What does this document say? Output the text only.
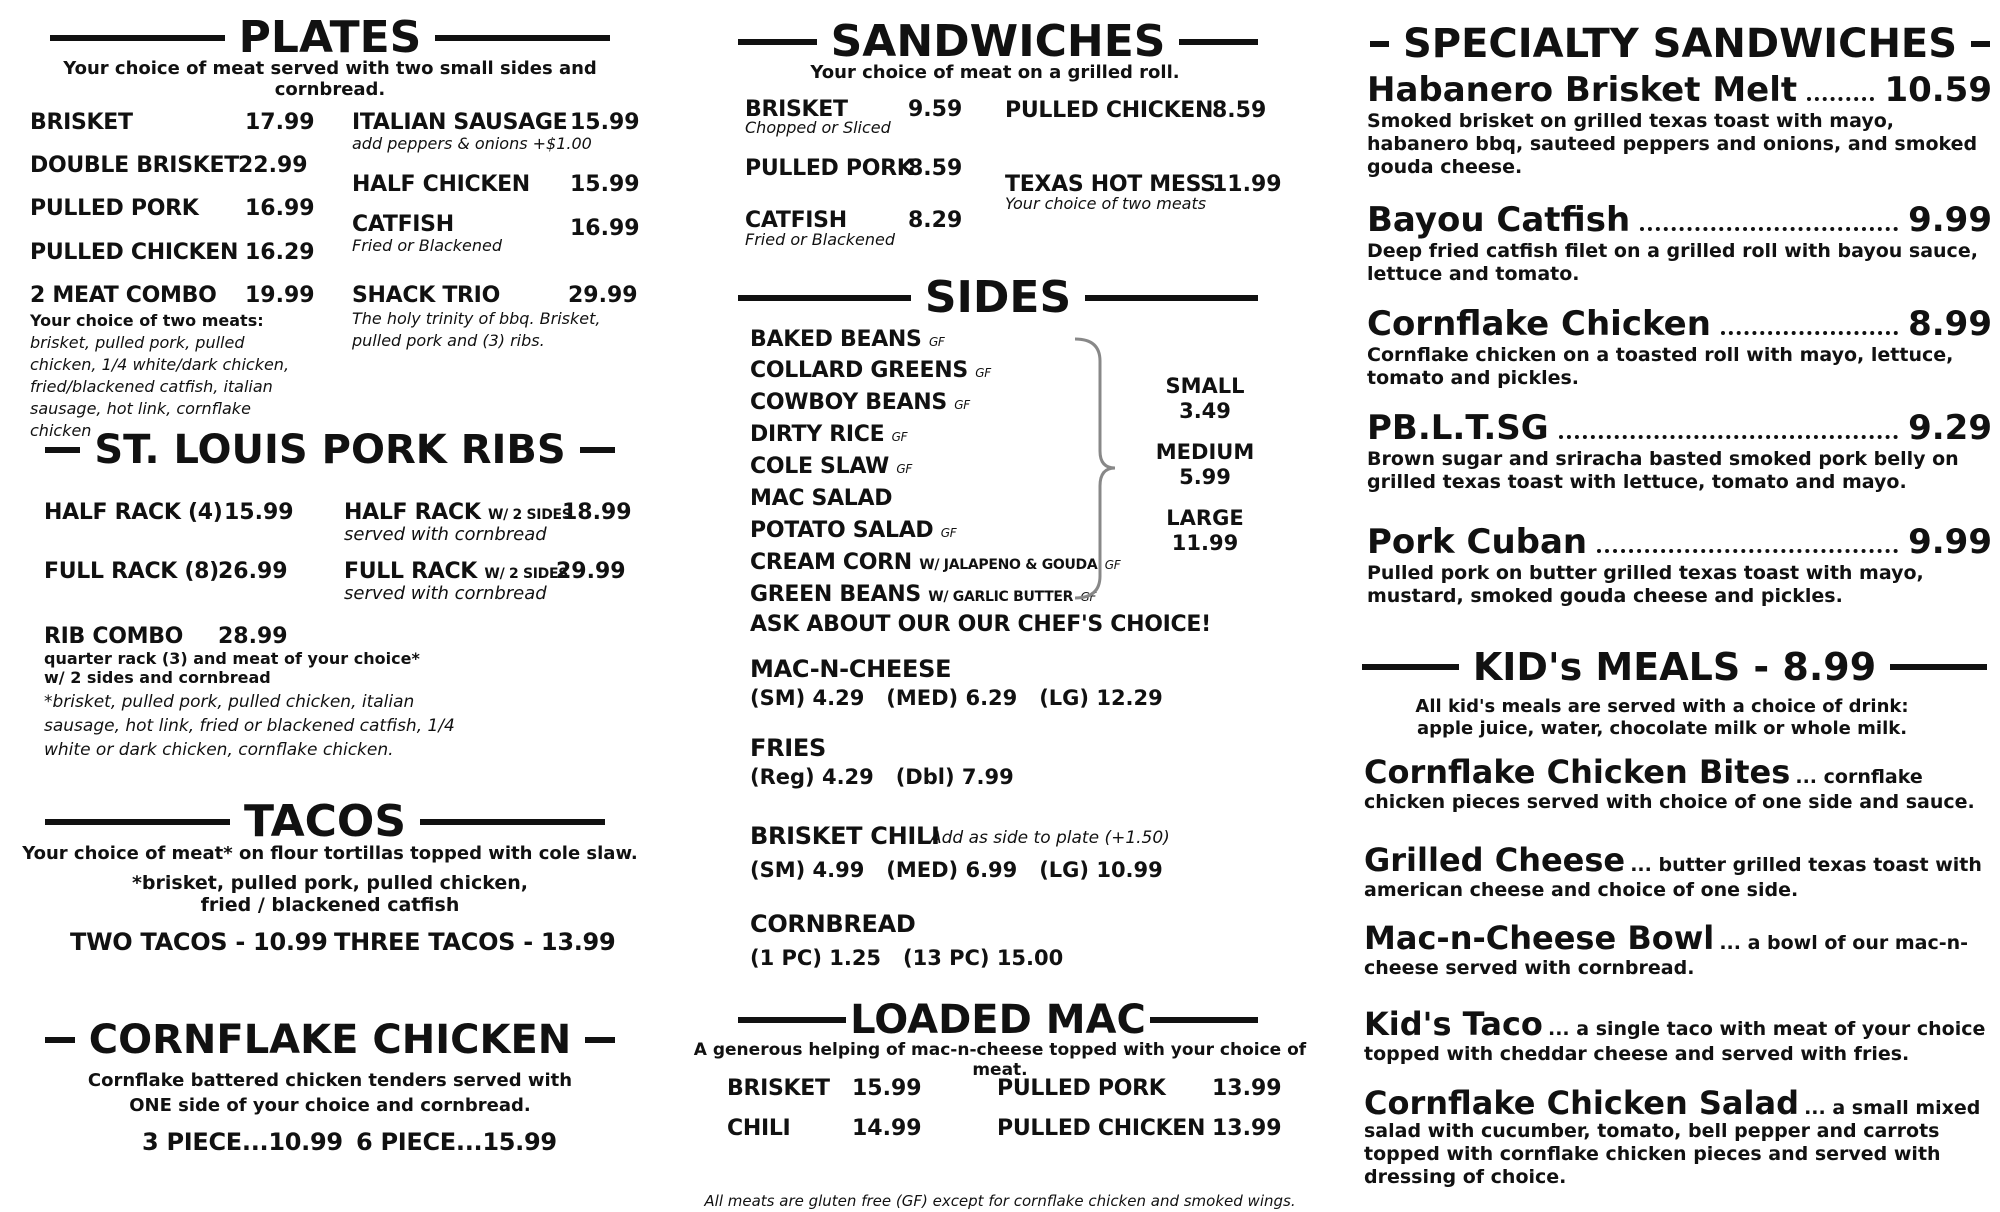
PLATES
Your choice of meat served with two small sides and cornbread.
BRISKET	17.99
DOUBLE BRISKET 22.99
PULLED PORK 16.99
PULLED CHICKEN 16.29
2 MEAT COMBO 19.99
Your choice of two meats: brisket, pulled pork, pulled chicken, 1/4 white/dark chicken, fried/blackened catfish, italian sausage, hot link, cornflake chicken
ITALIAN SAUSAGE 15.99
add peppers & onions +$1.00
HALF CHICKEN 15.99
CATFISH	16.99
Fried or Blackened
SHACK TRIO	29.99
The holy trinity of bbq. Brisket, pulled pork and (3) ribs.
ST. LOUIS PORK RIBS
HALF RACK (4) 15.99
FULL RACK (8) 26.99
HALF RACK W/ 2 SIDES
18.99
served with cornbread
FULL RACK W/ 2 SIDES
29.99
served with cornbread
RIB COMBO 28.99
quarter rack (3) and meat of your choice*
w/ 2 sides and cornbread
*brisket, pulled pork, pulled chicken, italian sausage, hot link, fried or blackened catfish, 1/4 white or dark chicken, cornflake chicken.
TACOS
Your choice of meat* on flour tortillas topped with cole slaw.
*brisket, pulled pork, pulled chicken,
fried / blackened catfish
TWO TACOS - 10.99 THREE TACOS - 13.99
CORNFLAKE CHICKEN
Cornflake battered chicken tenders served with
ONE side of your choice and cornbread.
3 PIECE...10.99 6 PIECE...15.99
SANDWICHES
Your choice of meat on a grilled roll.
BRISKET	9.59
Chopped or Sliced
PULLED PORK
8.59
CATFISH	8.29
Fried or Blackened
PULLED CHICKEN
8.59
TEXAS HOT MESS
11.99
Your choice of two meats
SIDES
BAKED BEANS GF
COLLARD GREENS GF
COWBOY BEANS GF
DIRTY RICE GF
COLE SLAW GF
MAC SALAD
POTATO SALAD GF
CREAM CORN W/ JALAPENO & GOUDA GF
GREEN BEANS W/ GARLIC BUTTER GF
ASK ABOUT OUR OUR CHEF'S CHOICE!
SMALL
3.49
MEDIUM
5.99
LARGE
11.99
MAC-N-CHEESE
(SM) 4.29   (MED) 6.29   (LG) 12.29
FRIES
(Reg) 4.29   (Dbl) 7.99
BRISKET CHILI
Add as side to plate (+1.50)
(SM) 4.99   (MED) 6.99   (LG) 10.99
CORNBREAD
(1 PC) 1.25   (13 PC) 15.00
LOADED MAC
A generous helping of mac-n-cheese topped with your choice of meat.
BRISKET 15.99
CHILI	14.99
PULLED PORK 13.99
PULLED CHICKEN 13.99
All meats are gluten free (GF) except for cornflake chicken and smoked wings.
SPECIALTY SANDWICHES
Habanero Brisket Melt	10.59
Smoked brisket on grilled texas toast with mayo, habanero bbq, sauteed peppers and onions, and smoked gouda cheese.
Bayou Catfish	9.99
Deep fried catfish filet on a grilled roll with bayou sauce, lettuce and tomato.
Cornflake Chicken	8.99
Cornflake chicken on a toasted roll with mayo, lettuce, tomato and pickles.
PB.L.T.SG	9.29
Brown sugar and sriracha basted smoked pork belly on grilled texas toast with lettuce, tomato and mayo.
Pork Cuban	9.99
Pulled pork on butter grilled texas toast with mayo, mustard, smoked gouda cheese and pickles.
KID's MEALS - 8.99
All kid's meals are served with a choice of drink:
apple juice, water, chocolate milk or whole milk.
Cornflake Chicken Bites ... cornflake chicken pieces served with choice of one side and sauce.
Grilled Cheese ... butter grilled texas toast with american cheese and choice of one side.
Mac-n-Cheese Bowl ... a bowl of our mac-n-cheese served with cornbread.
Kid's Taco ... a single taco with meat of your choice topped with cheddar cheese and served with fries.
Cornflake Chicken Salad ... a small mixed salad with cucumber, tomato, bell pepper and carrots topped with cornflake chicken pieces and served with dressing of choice.
